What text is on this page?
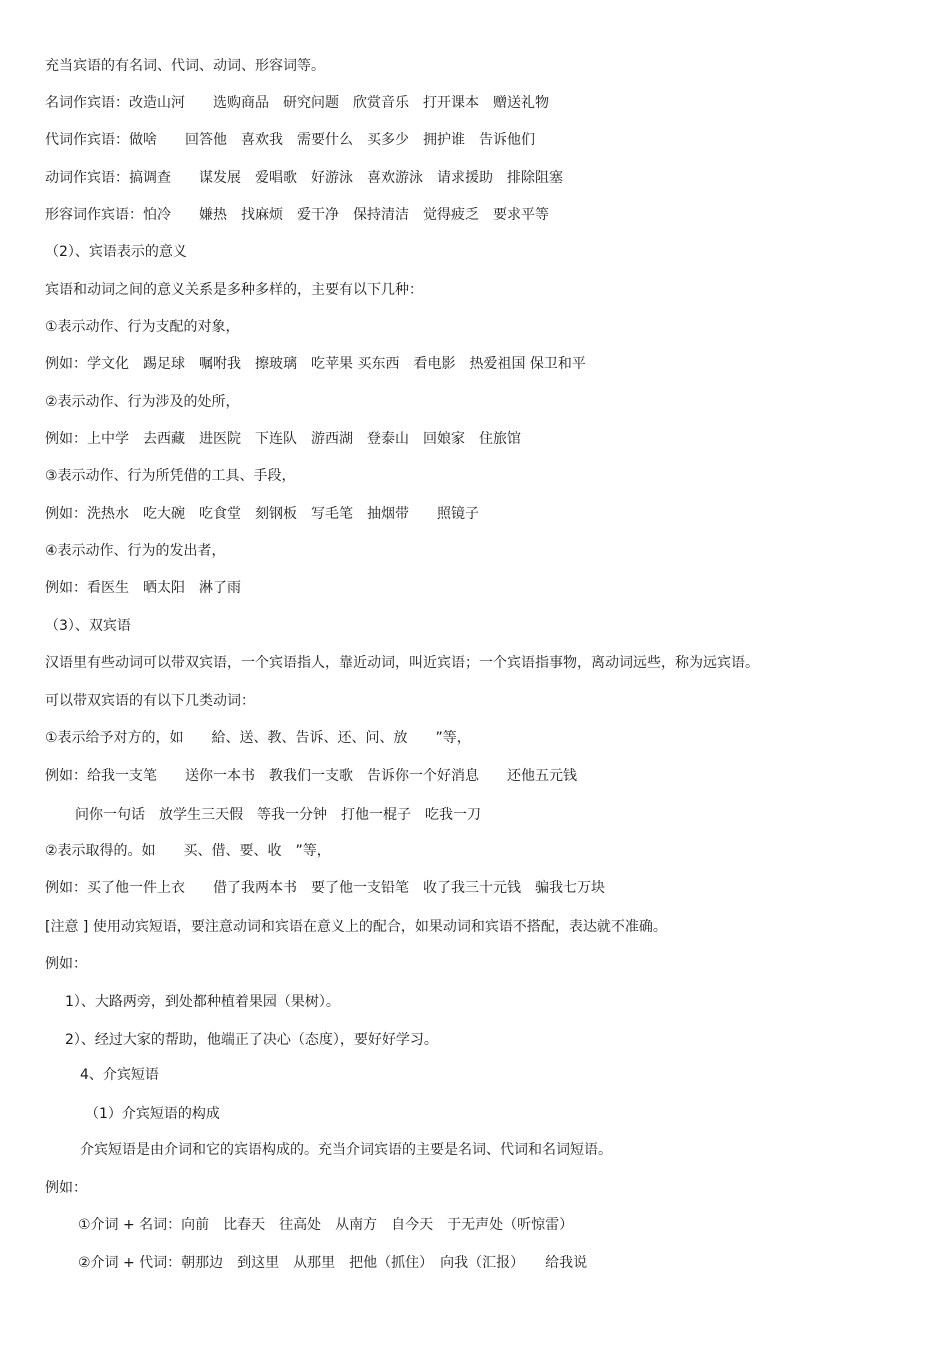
充当宾语的有名词、代词、动词、形容词等。
名词作宾语：改造山河　　选购商品　研究问题　欣赏音乐　打开课本　赠送礼物
代词作宾语：做啥　　回答他　喜欢我　需要什么　买多少　拥护谁　告诉他们
动词作宾语：搞调查　　谋发展　爱唱歌　好游泳　喜欢游泳　请求援助　排除阻塞
形容词作宾语：怕冷　　嫌热　找麻烦　爱干净　保持清洁　觉得疲乏　要求平等
（2）、宾语表示的意义
宾语和动词之间的意义关系是多种多样的，主要有以下几种：
①表示动作、行为支配的对象，
例如：学文化　踢足球　嘱咐我　擦玻璃　吃苹果 买东西　看电影　热爱祖国 保卫和平
②表示动作、行为涉及的处所，
例如：上中学　去西藏　进医院　下连队　游西湖　登泰山　回娘家　住旅馆
③表示动作、行为所凭借的工具、手段，
例如：洗热水　吃大碗　吃食堂　刻钢板　写毛笔　抽烟带　　照镜子
④表示动作、行为的发出者，
例如：看医生　晒太阳　淋了雨
（3）、双宾语
汉语里有些动词可以带双宾语，一个宾语指人，靠近动词，叫近宾语；一个宾语指事物，离动词远些，称为远宾语。
可以带双宾语的有以下几类动词：
①表示给予对方的，如　　給、送、教、告诉、还、问、放　　”等，
例如：给我一支笔　　送你一本书　教我们一支歌　告诉你一个好消息　　还他五元钱
问你一句话　放学生三天假　等我一分钟　打他一棍子　吃我一刀
②表示取得的。如　　买、借、要、收　”等，
例如：买了他一件上衣　　借了我两本书　要了他一支铅笔　收了我三十元钱　骗我七万块
[注意 ] 使用动宾短语，要注意动词和宾语在意义上的配合，如果动词和宾语不搭配，表达就不准确。
例如：
1）、大路两旁，到处都种植着果园（果树）。
2）、经过大家的帮助，他端正了决心（态度），要好好学习。
4、介宾短语
（1）介宾短语的构成
介宾短语是由介词和它的宾语构成的。充当介词宾语的主要是名词、代词和名词短语。
例如：
①介词 + 名词：向前　比春天　往高处　从南方　自今天　于无声处（听惊雷）
②介词 + 代词：朝那边　到这里　从那里　把他（抓住）　向我（汇报）　　给我说
